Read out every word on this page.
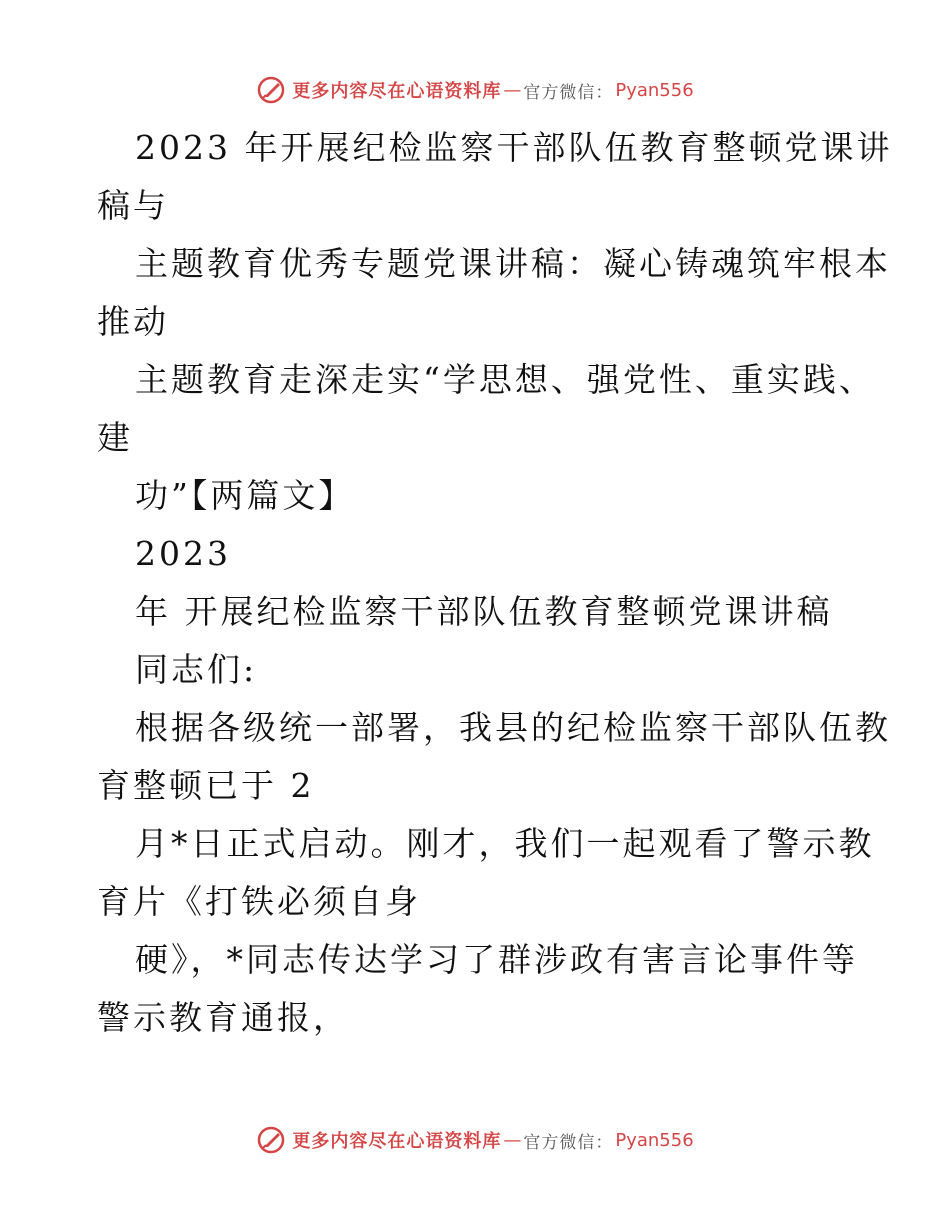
更多内容尽在心语资料库 — 官方微信： Pyan556
2023 年开展纪检监察干部队伍教育整顿党课讲
稿与
主题教育优秀专题党课讲稿：凝心铸魂筑牢根本
推动
主题教育走深走实“学思想、强党性、重实践、
建
功”【两篇文】
2023
年 开展纪检监察干部队伍教育整顿党课讲稿
同志们:
根据各级统一部署，我县的纪检监察干部队伍教
育整顿已于 2
月*日正式启动。刚才，我们一起观看了警示教
育片《打铁必须自身
硬》，*同志传达学习了群涉政有害言论事件等
警示教育通报，
更多内容尽在心语资料库 — 官方微信： Pyan556
